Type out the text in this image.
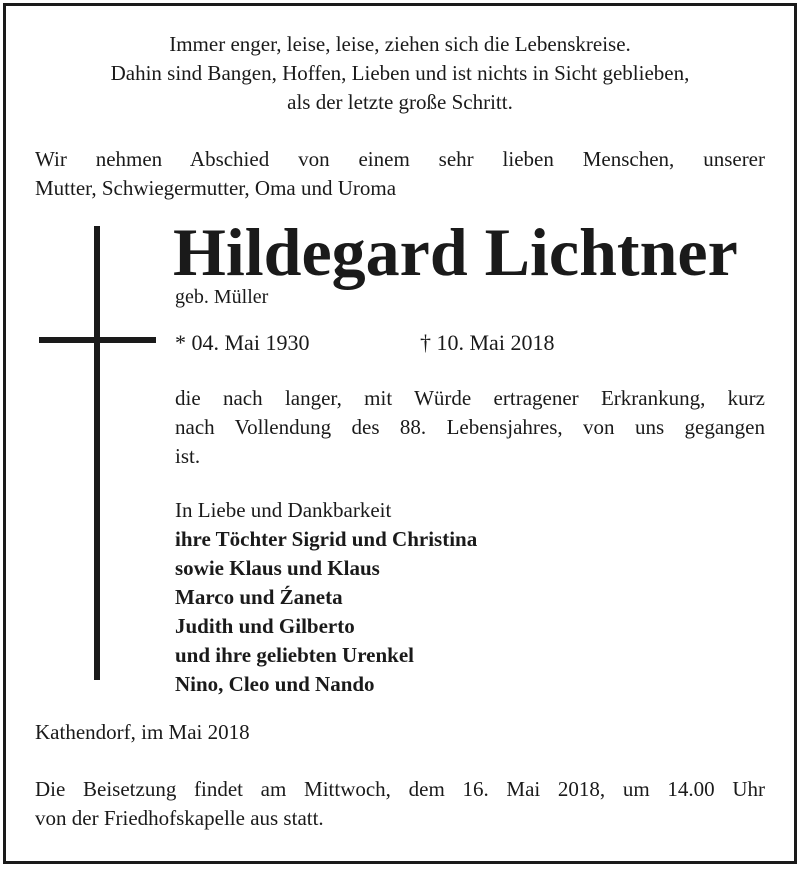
Immer enger, leise, leise, ziehen sich die Lebenskreise.
Dahin sind Bangen, Hoffen, Lieben und ist nichts in Sicht geblieben,
als der letzte große Schritt.
Wir nehmen Abschied von einem sehr lieben Menschen, unserer
Mutter, Schwiegermutter, Oma und Uroma
Hildegard Lichtner
geb. Müller
* 04. Mai 1930	† 10. Mai 2018
die nach langer, mit Würde ertragener Erkrankung, kurz
nach Vollendung des 88. Lebensjahres, von uns gegangen
ist.
In Liebe und Dankbarkeit
ihre Töchter Sigrid und Christina
sowie Klaus und Klaus
Marco und Źaneta
Judith und Gilberto
und ihre geliebten Urenkel
Nino, Cleo und Nando
Kathendorf, im Mai 2018
Die Beisetzung findet am Mittwoch, dem 16. Mai 2018, um 14.00 Uhr
von der Friedhofskapelle aus statt.
